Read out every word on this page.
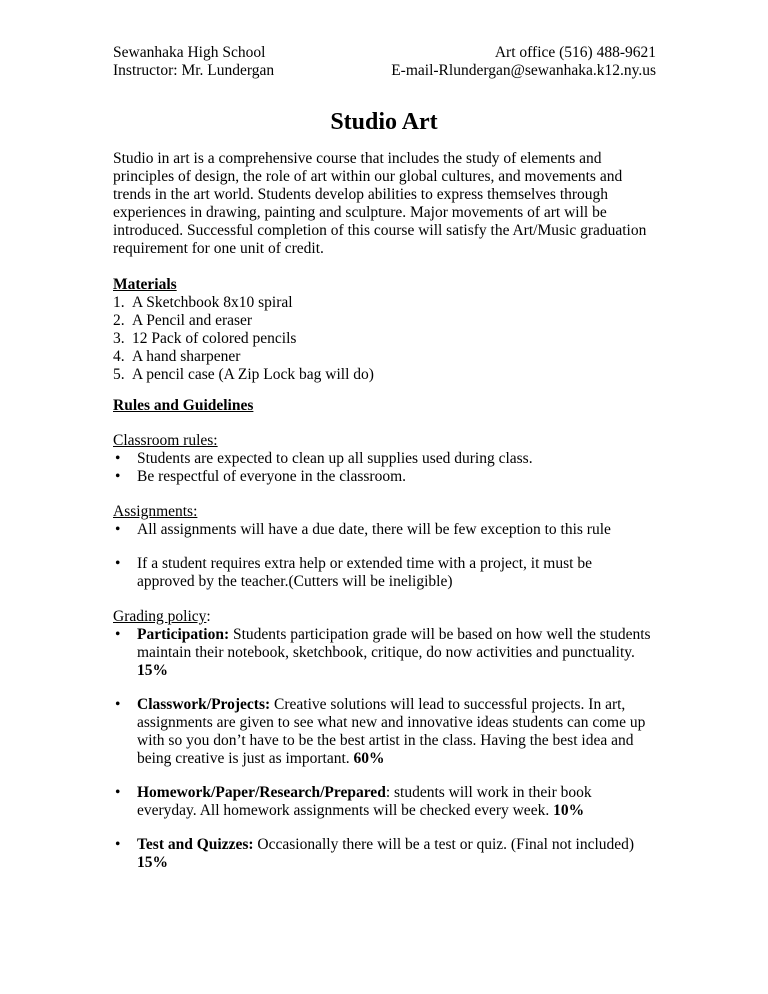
Sewanhaka High School
Instructor: Mr. Lundergan
Art office (516) 488-9621
E-mail-Rlundergan@sewanhaka.k12.ny.us
Studio Art

Studio in art is a comprehensive course that includes the study of elements and principles of design, the role of art within our global cultures, and movements and trends in the art world. Students develop abilities to express themselves through experiences in drawing, painting and sculpture. Major movements of art will be introduced. Successful completion of this course will satisfy the Art/Music graduation requirement for one unit of credit.

Materials
1. A Sketchbook 8x10 spiral
2. A Pencil and eraser
3. 12 Pack of colored pencils
4. A hand sharpener
5. A pencil case (A Zip Lock bag will do)
Rules and Guidelines
Classroom rules:
• Students are expected to clean up all supplies used during class.
• Be respectful of everyone in the classroom.
Assignments:
• All assignments will have a due date, there will be few exception to this rule
• If a student requires extra help or extended time with a project, it must be approved by the teacher.(Cutters will be ineligible)
Grading policy:
• Participation: Students participation grade will be based on how well the students maintain their notebook, sketchbook, critique, do now activities and punctuality. 15%
• Classwork/Projects: Creative solutions will lead to successful projects. In art, assignments are given to see what new and innovative ideas students can come up with so you don’t have to be the best artist in the class. Having the best idea and being creative is just as important. 60%
• Homework/Paper/Research/Prepared: students will work in their book everyday. All homework assignments will be checked every week. 10%
• Test and Quizzes: Occasionally there will be a test or quiz. (Final not included) 15%
